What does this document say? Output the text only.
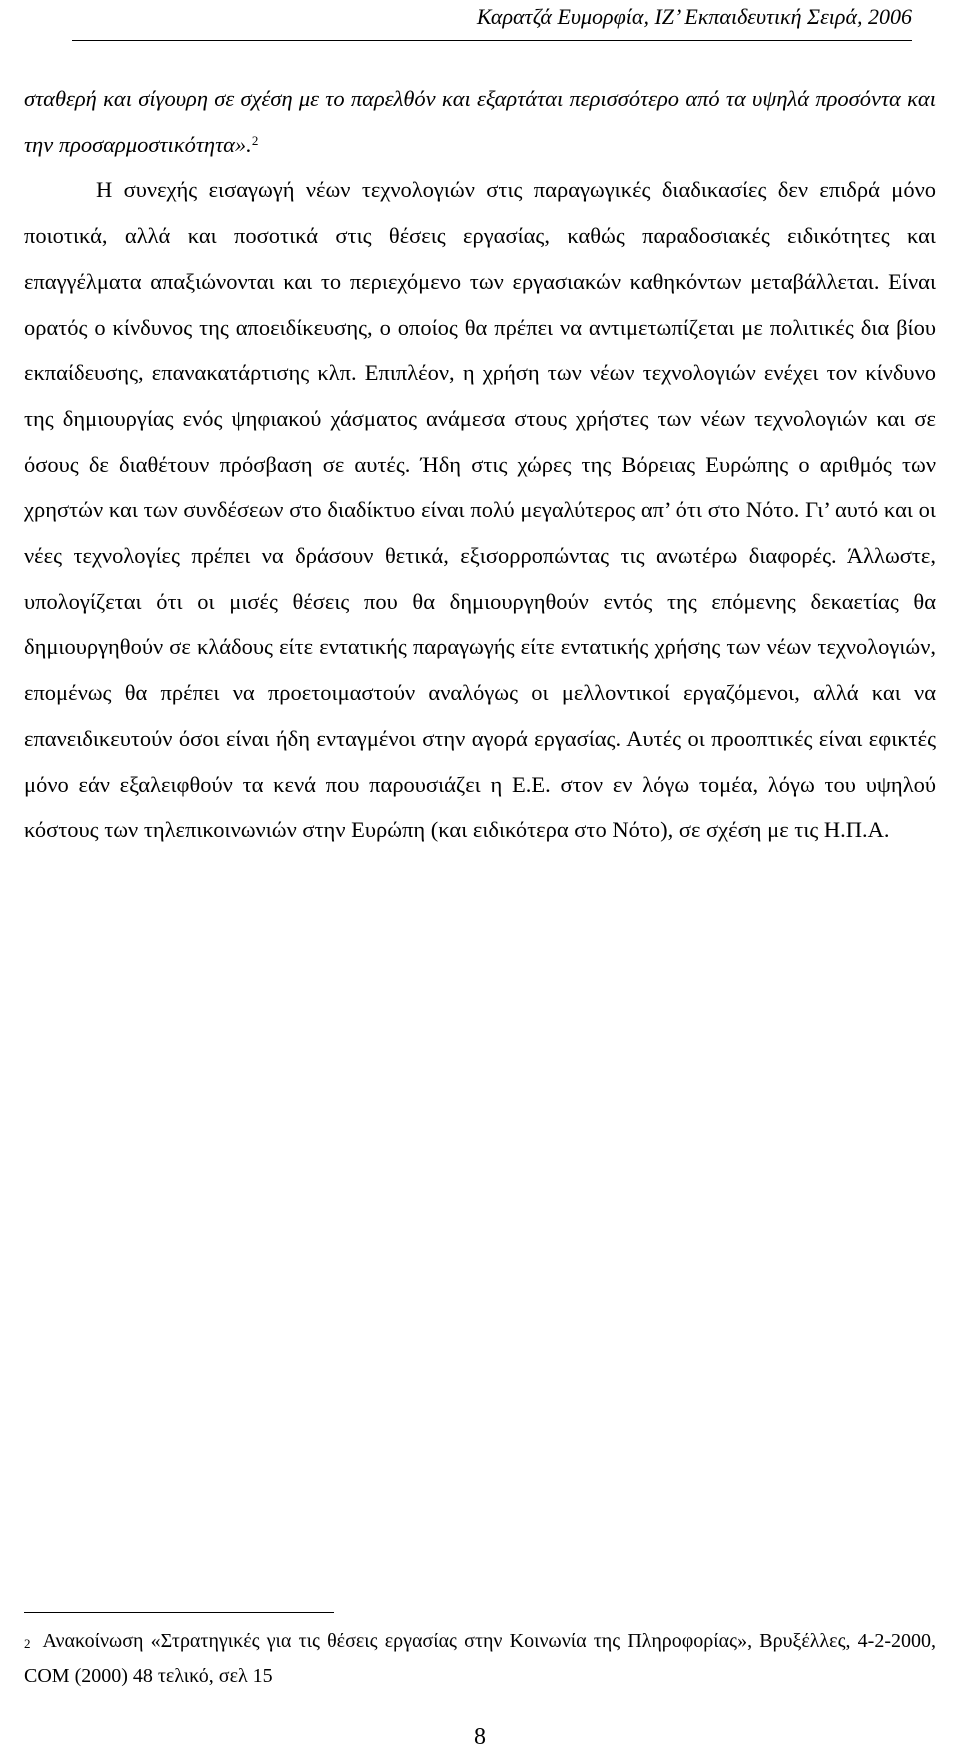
Καρατζά Ευμορφία, ΙΖ’ Εκπαιδευτική Σειρά, 2006

σταθερή και σίγουρη σε σχέση με το παρελθόν και εξαρτάται περισσότερο από τα υψηλά προσόντα και την προσαρμοστικότητα».$^2$

Η συνεχής εισαγωγή νέων τεχνολογιών στις παραγωγικές διαδικασίες δεν επιδρά μόνο ποιοτικά, αλλά και ποσοτικά στις θέσεις εργασίας, καθώς παραδοσιακές ειδικότητες και επαγγέλματα απαξιώνονται και το περιεχόμενο των εργασιακών καθηκόντων μεταβάλλεται. Είναι ορατός ο κίνδυνος της αποειδίκευσης, ο οποίος θα πρέπει να αντιμετωπίζεται με πολιτικές δια βίου εκπαίδευσης, επανακατάρτισης κλπ. Επιπλέον, η χρήση των νέων τεχνολογιών ενέχει τον κίνδυνο της δημιουργίας ενός ψηφιακού χάσματος ανάμεσα στους χρήστες των νέων τεχνολογιών και σε όσους δε διαθέτουν πρόσβαση σε αυτές. Ήδη στις χώρες της Βόρειας Ευρώπης ο αριθμός των χρηστών και των συνδέσεων στο διαδίκτυο είναι πολύ μεγαλύτερος απ’ ότι στο Νότο. Γι’ αυτό και οι νέες τεχνολογίες πρέπει να δράσουν θετικά, εξισορροπώντας τις ανωτέρω διαφορές. Άλλωστε, υπολογίζεται ότι οι μισές θέσεις που θα δημιουργηθούν εντός της επόμενης δεκαετίας θα δημιουργηθούν σε κλάδους είτε εντατικής παραγωγής είτε εντατικής χρήσης των νέων τεχνολογιών, επομένως θα πρέπει να προετοιμαστούν αναλόγως οι μελλοντικοί εργαζόμενοι, αλλά και να επανειδικευτούν όσοι είναι ήδη ενταγμένοι στην αγορά εργασίας. Αυτές οι προοπτικές είναι εφικτές μόνο εάν εξαλειφθούν τα κενά που παρουσιάζει η Ε.Ε. στον εν λόγω τομέα, λόγω του υψηλού κόστους των τηλεπικοινωνιών στην Ευρώπη (και ειδικότερα στο Νότο), σε σχέση με τις Η.Π.Α.

$^2$ Ανακοίνωση «Στρατηγικές για τις θέσεις εργασίας στην Κοινωνία της Πληροφορίας», Βρυξέλλες, 4-2-2000, COM (2000) 48 τελικό, σελ 15
8
